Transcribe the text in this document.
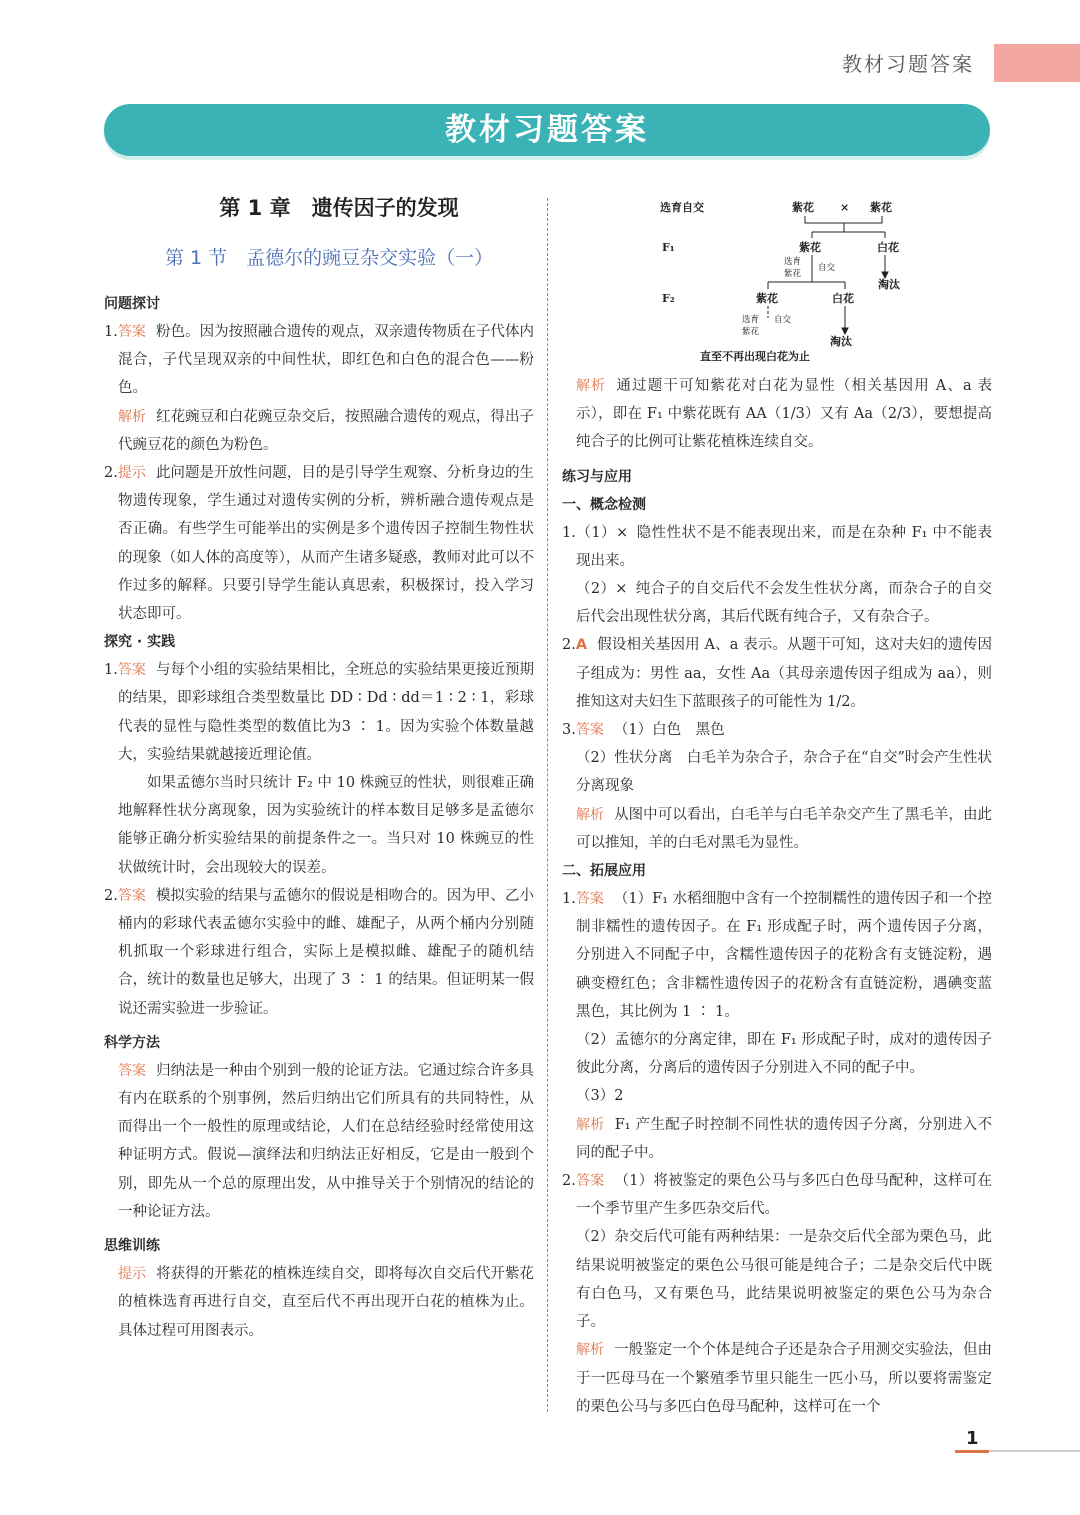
教材习题答案
教材习题答案
第 1 章　遗传因子的发现
第 1 节　孟德尔的豌豆杂交实验（一）
问题探讨

1.答案 粉色。因为按照融合遗传的观点，双亲遗传物质在子代体内混合，子代呈现双亲的中间性状，即红色和白色的混合色——粉色。

解析 红花豌豆和白花豌豆杂交后，按照融合遗传的观点，得出子代豌豆花的颜色为粉色。

2.提示 此问题是开放性问题，目的是引导学生观察、分析身边的生物遗传现象，学生通过对遗传实例的分析，辨析融合遗传观点是否正确。有些学生可能举出的实例是多个遗传因子控制生物性状的现象（如人体的高度等），从而产生诸多疑惑，教师对此可以不作过多的解释。只要引导学生能认真思索，积极探讨，投入学习状态即可。

探究 · 实践

1.答案 与每个小组的实验结果相比，全班总的实验结果更接近预期的结果，即彩球组合类型数量比 DD ∶ Dd ∶ dd＝1 ∶ 2 ∶ 1，彩球代表的显性与隐性类型的数值比为3 ∶ 1。因为实验个体数量越大，实验结果就越接近理论值。

如果孟德尔当时只统计 F₂ 中 10 株豌豆的性状，则很难正确地解释性状分离现象，因为实验统计的样本数目足够多是孟德尔能够正确分析实验结果的前提条件之一。当只对 10 株豌豆的性状做统计时，会出现较大的误差。

2.答案 模拟实验的结果与孟德尔的假说是相吻合的。因为甲、乙小桶内的彩球代表孟德尔实验中的雌、雄配子，从两个桶内分别随机抓取一个彩球进行组合，实际上是模拟雌、雄配子的随机结合，统计的数量也足够大，出现了 3 ∶ 1 的结果。但证明某一假说还需实验进一步验证。

科学方法

答案 归纳法是一种由个别到一般的论证方法。它通过综合许多具有内在联系的个别事例，然后归纳出它们所具有的共同特性，从而得出一个一般性的原理或结论，人们在总结经验时经常使用这种证明方式。假说—演绎法和归纳法正好相反，它是由一般到个别，即先从一个总的原理出发，从中推导关于个别情况的结论的一种论证方法。

思维训练

提示 将获得的开紫花的植株连续自交，即将每次自交后代开紫花的植株选育再进行自交，直至后代不再出现开白花的植株为止。具体过程可用图表示。

选育自交	紫花 × 紫花
F₁	紫花	白花
淘汰
F₂	紫花	白花
淘汰
直至不再出现白花为止
选育
紫花
自交
选育
紫花
自交

解析 通过题干可知紫花对白花为显性（相关基因用 A、a 表示），即在 F₁ 中紫花既有 AA（1/3）又有 Aa（2/3），要想提高纯合子的比例可让紫花植株连续自交。

练习与应用
一、概念检测

1.（1）× 隐性性状不是不能表现出来，而是在杂种 F₁ 中不能表现出来。

（2）× 纯合子的自交后代不会发生性状分离，而杂合子的自交后代会出现性状分离，其后代既有纯合子，又有杂合子。

2.A 假设相关基因用 A、a 表示。从题干可知，这对夫妇的遗传因子组成为：男性 aa，女性 Aa（其母亲遗传因子组成为 aa），则推知这对夫妇生下蓝眼孩子的可能性为 1/2。

3.答案 （1）白色　黑色

（2）性状分离　白毛羊为杂合子，杂合子在“自交”时会产生性状分离现象

解析 从图中可以看出，白毛羊与白毛羊杂交产生了黑毛羊，由此可以推知，羊的白毛对黑毛为显性。

二、拓展应用

1.答案 （1）F₁ 水稻细胞中含有一个控制糯性的遗传因子和一个控制非糯性的遗传因子。在 F₁ 形成配子时，两个遗传因子分离，分别进入不同配子中，含糯性遗传因子的花粉含有支链淀粉，遇碘变橙红色；含非糯性遗传因子的花粉含有直链淀粉，遇碘变蓝黑色，其比例为 1 ∶ 1。

（2）孟德尔的分离定律，即在 F₁ 形成配子时，成对的遗传因子彼此分离，分离后的遗传因子分别进入不同的配子中。

（3）2

解析 F₁ 产生配子时控制不同性状的遗传因子分离，分别进入不同的配子中。

2.答案 （1）将被鉴定的栗色公马与多匹白色母马配种，这样可在一个季节里产生多匹杂交后代。

（2）杂交后代可能有两种结果：一是杂交后代全部为栗色马，此结果说明被鉴定的栗色公马很可能是纯合子；二是杂交后代中既有白色马，又有栗色马，此结果说明被鉴定的栗色公马为杂合子。

解析 一般鉴定一个个体是纯合子还是杂合子用测交实验法，但由于一匹母马在一个繁殖季节里只能生一匹小马，所以要将需鉴定的栗色公马与多匹白色母马配种，这样可在一个

1
